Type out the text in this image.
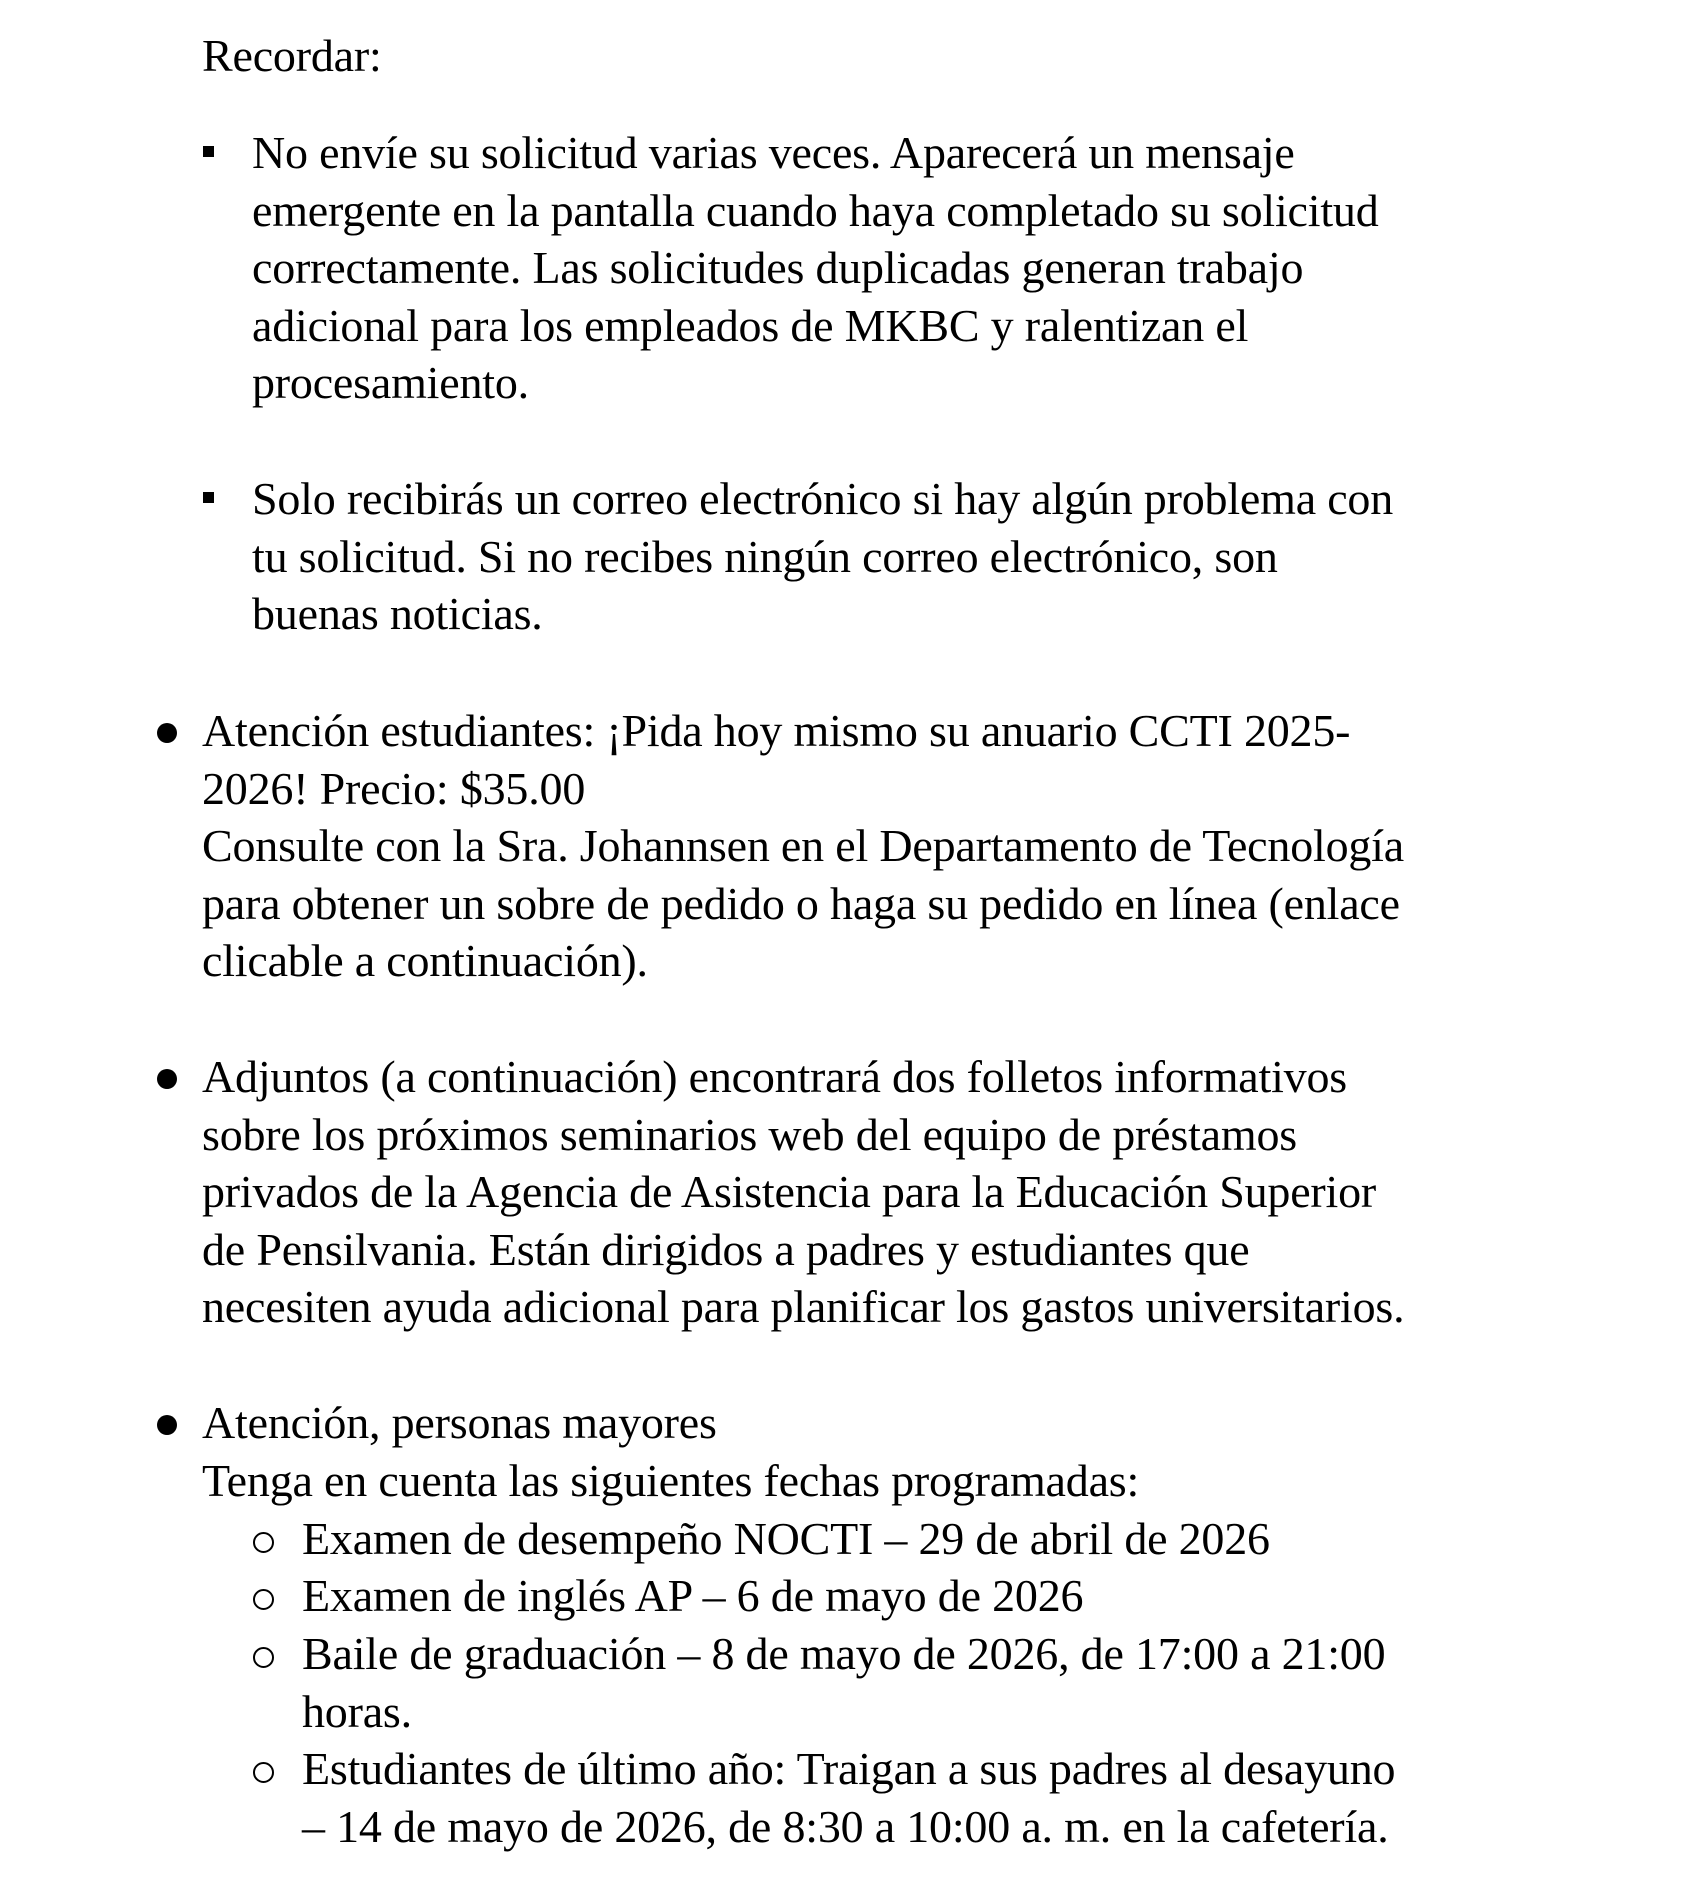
Recordar:
No envíe su solicitud varias veces. Aparecerá un mensaje
emergente en la pantalla cuando haya completado su solicitud
correctamente. Las solicitudes duplicadas generan trabajo
adicional para los empleados de MKBC y ralentizan el
procesamiento.
Solo recibirás un correo electrónico si hay algún problema con
tu solicitud. Si no recibes ningún correo electrónico, son
buenas noticias.
Atención estudiantes: ¡Pida hoy mismo su anuario CCTI 2025-
2026! Precio: $35.00
Consulte con la Sra. Johannsen en el Departamento de Tecnología
para obtener un sobre de pedido o haga su pedido en línea (enlace
clicable a continuación).
Adjuntos (a continuación) encontrará dos folletos informativos
sobre los próximos seminarios web del equipo de préstamos
privados de la Agencia de Asistencia para la Educación Superior
de Pensilvania. Están dirigidos a padres y estudiantes que
necesiten ayuda adicional para planificar los gastos universitarios.
Atención, personas mayores
Tenga en cuenta las siguientes fechas programadas:
Examen de desempeño NOCTI – 29 de abril de 2026
Examen de inglés AP – 6 de mayo de 2026
Baile de graduación – 8 de mayo de 2026, de 17:00 a 21:00
horas.
Estudiantes de último año: Traigan a sus padres al desayuno
– 14 de mayo de 2026, de 8:30 a 10:00 a. m. en la cafetería.
